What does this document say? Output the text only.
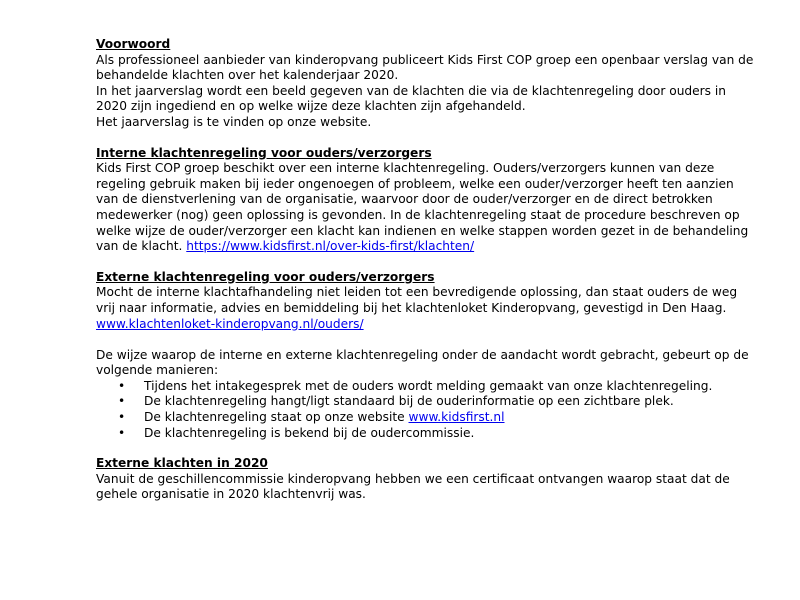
Voorwoord

Als professioneel aanbieder van kinderopvang publiceert Kids First COP groep een openbaar verslag van de behandelde klachten over het kalenderjaar 2020.

In het jaarverslag wordt een beeld gegeven van de klachten die via de klachtenregeling door ouders in 2020 zijn ingediend en op welke wijze deze klachten zijn afgehandeld.

Het jaarverslag is te vinden op onze website.

Interne klachtenregeling voor ouders/verzorgers

Kids First COP groep beschikt over een interne klachtenregeling. Ouders/verzorgers kunnen van deze regeling gebruik maken bij ieder ongenoegen of probleem, welke een ouder/verzorger heeft ten aanzien van de dienstverlening van de organisatie, waarvoor door de ouder/verzorger en de direct betrokken medewerker (nog) geen oplossing is gevonden. In de klachtenregeling staat de procedure beschreven op welke wijze de ouder/verzorger een klacht kan indienen en welke stappen worden gezet in de behandeling van de klacht. https://www.kidsfirst.nl/over-kids-first/klachten/

Externe klachtenregeling voor ouders/verzorgers

Mocht de interne klachtafhandeling niet leiden tot een bevredigende oplossing, dan staat ouders de weg vrij naar informatie, advies en bemiddeling bij het klachtenloket Kinderopvang, gevestigd in Den Haag.

www.klachtenloket-kinderopvang.nl/ouders/

De wijze waarop de interne en externe klachtenregeling onder de aandacht wordt gebracht, gebeurt op de volgende manieren:

• Tijdens het intakegesprek met de ouders wordt melding gemaakt van onze klachtenregeling.
• De klachtenregeling hangt/ligt standaard bij de ouderinformatie op een zichtbare plek.
• De klachtenregeling staat op onze website www.kidsfirst.nl
• De klachtenregeling is bekend bij de oudercommissie.
Externe klachten in 2020

Vanuit de geschillencommissie kinderopvang hebben we een certificaat ontvangen waarop staat dat de gehele organisatie in 2020 klachtenvrij was.
